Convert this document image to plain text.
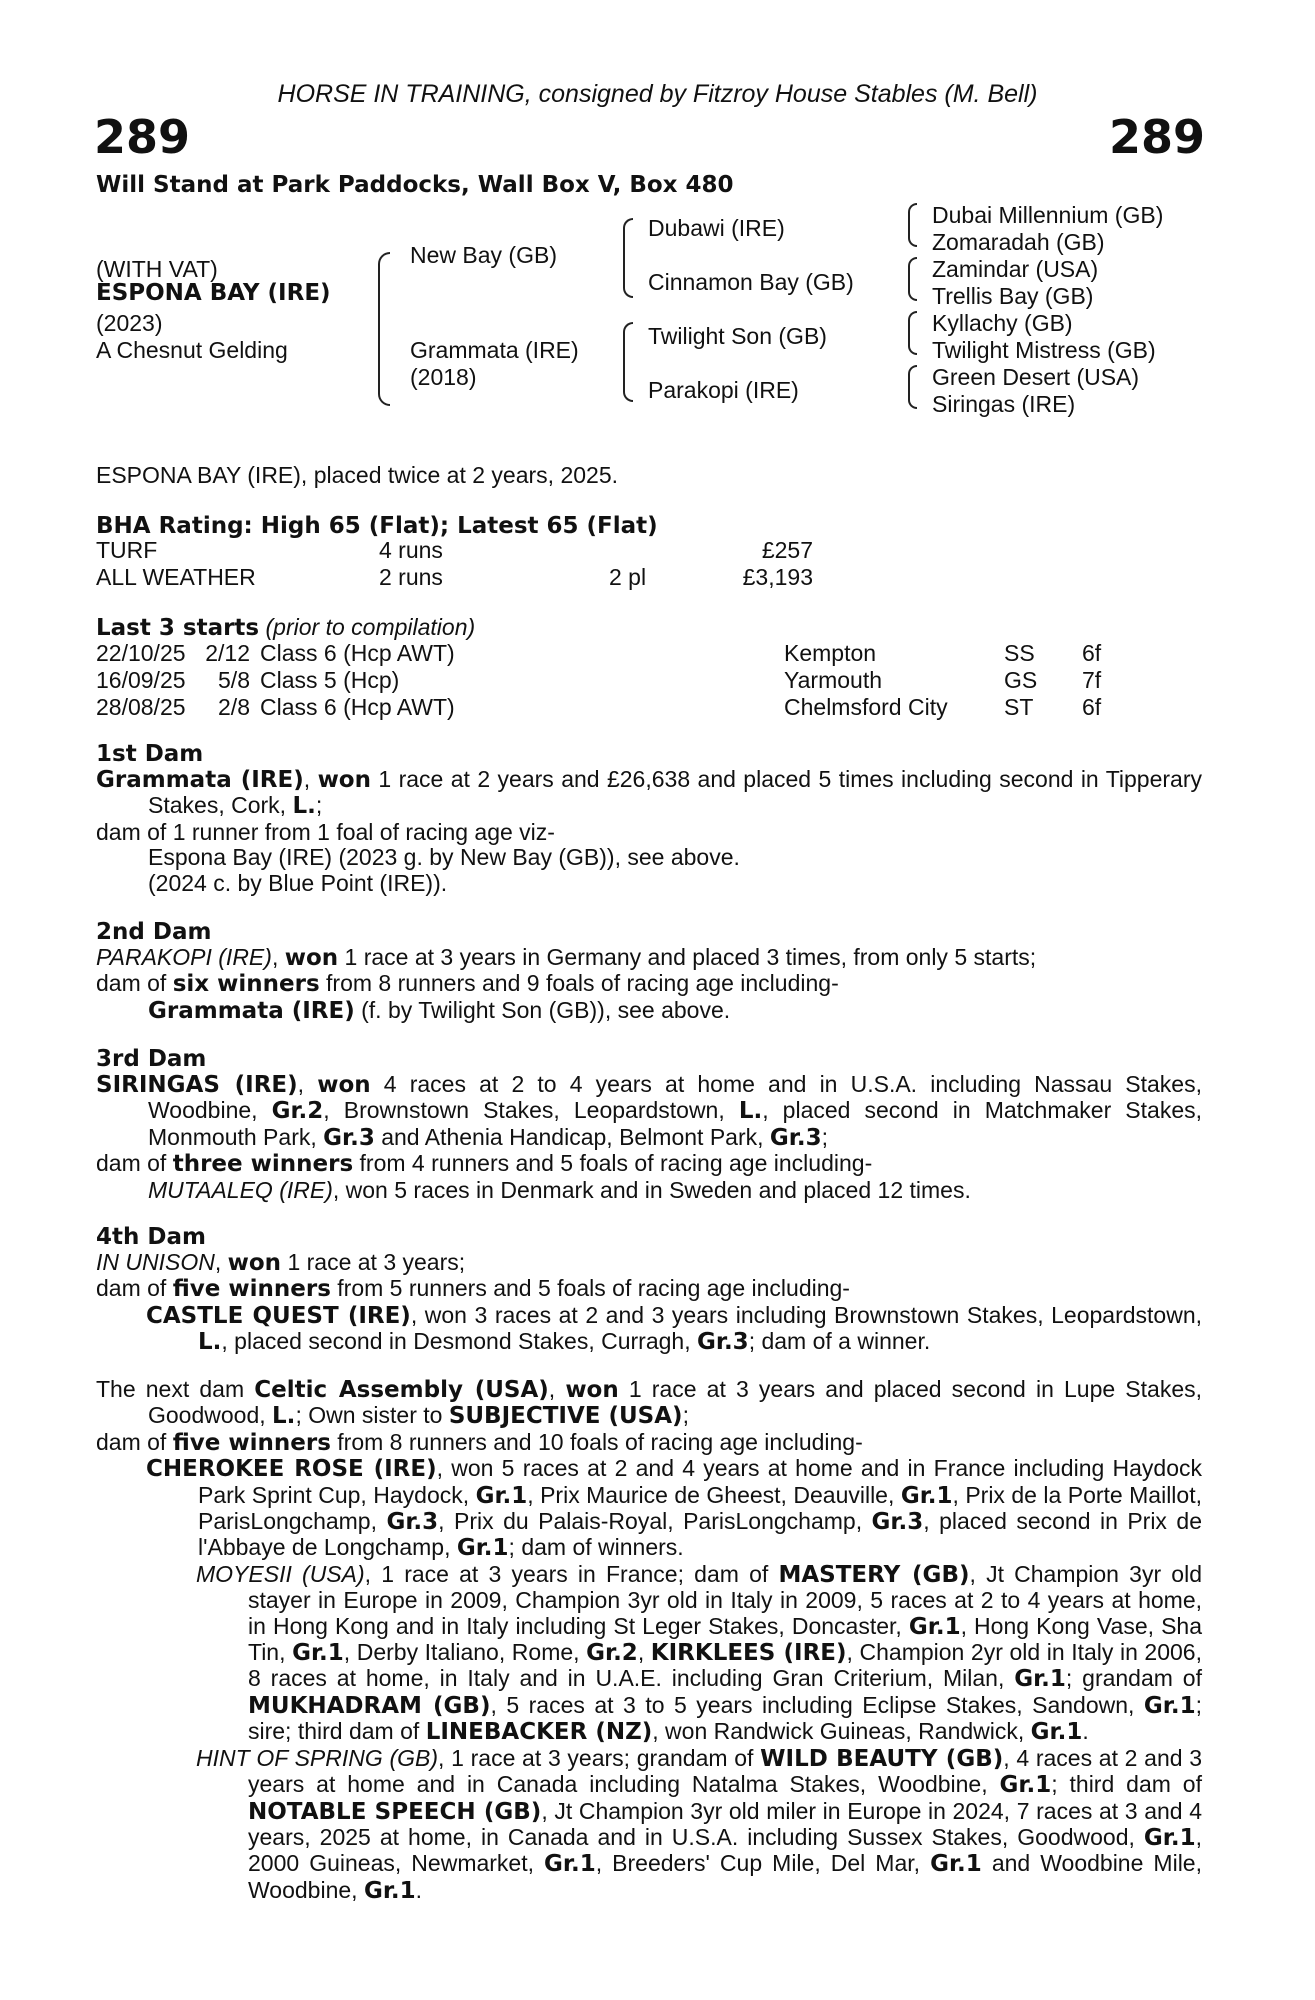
HORSE IN TRAINING, consigned by Fitzroy House Stables (M. Bell)
289	289
Will Stand at Park Paddocks, Wall Box V, Box 480
(WITH VAT)
ESPONA BAY (IRE)
(2023)
A Chesnut Gelding
New Bay (GB)
Grammata (IRE)
(2018)
Dubawi (IRE)
Cinnamon Bay (GB)
Twilight Son (GB)
Parakopi (IRE)
Dubai Millennium (GB)
Zomaradah (GB)
Zamindar (USA)
Trellis Bay (GB)
Kyllachy (GB)
Twilight Mistress (GB)
Green Desert (USA)
Siringas (IRE)
ESPONA BAY (IRE), placed twice at 2 years, 2025.
BHA Rating: High 65 (Flat); Latest 65 (Flat)
TURF	4 runs		£257
ALL WEATHER	2 runs	2 pl	£3,193
Last 3 starts (prior to compilation)
22/10/25	2/12	Class 6 (Hcp AWT)	Kempton	SS	6f
16/09/25	5/8	Class 5 (Hcp)	Yarmouth	GS	7f
28/08/25	2/8	Class 6 (Hcp AWT)	Chelmsford City	ST	6f
1st Dam
Grammata (IRE), won 1 race at 2 years and £26,638 and placed 5 times including second in Tipperary Stakes, Cork, L.;
dam of 1 runner from 1 foal of racing age viz-
Espona Bay (IRE) (2023 g. by New Bay (GB)), see above.
(2024 c. by Blue Point (IRE)).
2nd Dam
PARAKOPI (IRE), won 1 race at 3 years in Germany and placed 3 times, from only 5 starts;
dam of six winners from 8 runners and 9 foals of racing age including-
Grammata (IRE) (f. by Twilight Son (GB)), see above.
3rd Dam
SIRINGAS (IRE), won 4 races at 2 to 4 years at home and in U.S.A. including Nassau Stakes, Woodbine, Gr.2, Brownstown Stakes, Leopardstown, L., placed second in Matchmaker Stakes, Monmouth Park, Gr.3 and Athenia Handicap, Belmont Park, Gr.3;
dam of three winners from 4 runners and 5 foals of racing age including-
MUTAALEQ (IRE), won 5 races in Denmark and in Sweden and placed 12 times.
4th Dam
IN UNISON, won 1 race at 3 years;
dam of five winners from 5 runners and 5 foals of racing age including-
CASTLE QUEST (IRE), won 3 races at 2 and 3 years including Brownstown Stakes, Leopardstown, L., placed second in Desmond Stakes, Curragh, Gr.3; dam of a winner.
The next dam Celtic Assembly (USA), won 1 race at 3 years and placed second in Lupe Stakes, Goodwood, L.; Own sister to SUBJECTIVE (USA);
dam of five winners from 8 runners and 10 foals of racing age including-
CHEROKEE ROSE (IRE), won 5 races at 2 and 4 years at home and in France including Haydock Park Sprint Cup, Haydock, Gr.1, Prix Maurice de Gheest, Deauville, Gr.1, Prix de la Porte Maillot, ParisLongchamp, Gr.3, Prix du Palais-Royal, ParisLongchamp, Gr.3, placed second in Prix de l'Abbaye de Longchamp, Gr.1; dam of winners.
MOYESII (USA), 1 race at 3 years in France; dam of MASTERY (GB), Jt Champion 3yr old stayer in Europe in 2009, Champion 3yr old in Italy in 2009, 5 races at 2 to 4 years at home, in Hong Kong and in Italy including St Leger Stakes, Doncaster, Gr.1, Hong Kong Vase, Sha Tin, Gr.1, Derby Italiano, Rome, Gr.2, KIRKLEES (IRE), Champion 2yr old in Italy in 2006, 8 races at home, in Italy and in U.A.E. including Gran Criterium, Milan, Gr.1; grandam of MUKHADRAM (GB), 5 races at 3 to 5 years including Eclipse Stakes, Sandown, Gr.1; sire; third dam of LINEBACKER (NZ), won Randwick Guineas, Randwick, Gr.1.
HINT OF SPRING (GB), 1 race at 3 years; grandam of WILD BEAUTY (GB), 4 races at 2 and 3 years at home and in Canada including Natalma Stakes, Woodbine, Gr.1; third dam of NOTABLE SPEECH (GB), Jt Champion 3yr old miler in Europe in 2024, 7 races at 3 and 4 years, 2025 at home, in Canada and in U.S.A. including Sussex Stakes, Goodwood, Gr.1, 2000 Guineas, Newmarket, Gr.1, Breeders' Cup Mile, Del Mar, Gr.1 and Woodbine Mile, Woodbine, Gr.1.
